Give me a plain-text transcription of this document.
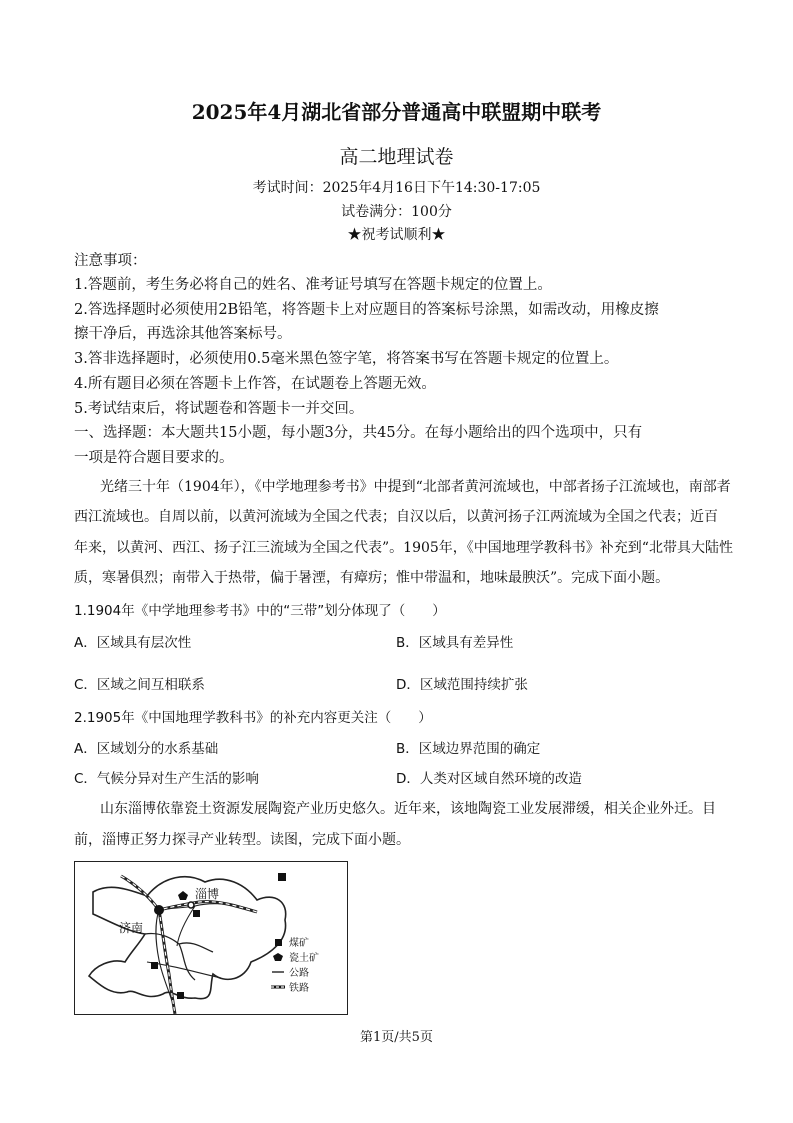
2025年4月湖北省部分普通高中联盟期中联考
高二地理试卷
考试时间：2025年4月16日下午14:30-17:05
试卷满分：100分
★祝考试顺利★
注意事项：
1.答题前，考生务必将自己的姓名、准考证号填写在答题卡规定的位置上。
2.答选择题时必须使用2B铅笔，将答题卡上对应题目的答案标号涂黑，如需改动，用橡皮擦
擦干净后，再选涂其他答案标号。
3.答非选择题时，必须使用0.5毫米黑色签字笔，将答案书写在答题卡规定的位置上。
4.所有题目必须在答题卡上作答，在试题卷上答题无效。
5.考试结束后，将试题卷和答题卡一并交回。
一、选择题：本大题共15小题，每小题3分，共45分。在每小题给出的四个选项中，只有
一项是符合题目要求的。
光绪三十年（1904年），《中学地理参考书》中提到“北部者黄河流域也，中部者扬子江流域也，南部者
西江流域也。自周以前，以黄河流域为全国之代表；自汉以后，以黄河扬子江两流域为全国之代表；近百
年来，以黄河、西江、扬子江三流域为全国之代表”。1905年，《中国地理学教科书》补充到“北带具大陆性
质，寒暑俱烈；南带入于热带，偏于暑湮，有瘴疠；惟中带温和，地味最腴沃”。完成下面小题。
1.1904年《中学地理参考书》中的“三带”划分体现了（　　）
A．区域具有层次性	B．区域具有差异性
C．区域之间互相联系	D．区域范围持续扩张
2.1905年《中国地理学教科书》的补充内容更关注（　　）
A．区域划分的水系基础	B．区域边界范围的确定
C．气候分异对生产生活的影响	D．人类对区域自然环境的改造
山东淄博依靠瓷土资源发展陶瓷产业历史悠久。近年来，该地陶瓷工业发展滞缓，相关企业外迁。目
前，淄博正努力探寻产业转型。读图，完成下面小题。
济南
淄博
煤矿
瓷土矿
公路
铁路
第1页/共5页
